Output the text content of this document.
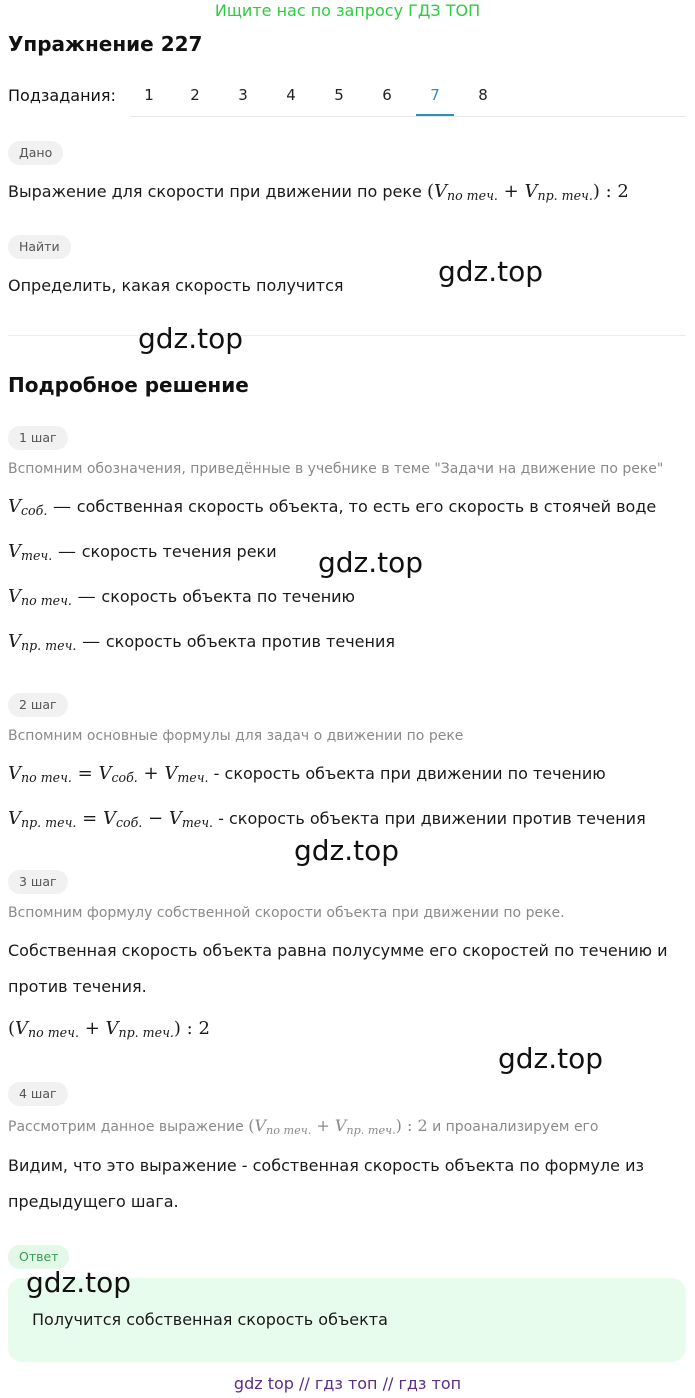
Ищите нас по запросу ГДЗ ТОП
Упражнение 227
Подзадания:	1	2	3	4	5	6	7	8
Дано
Выражение для скорости при движении по реке $(V_{по теч.} + V_{пр. теч.})$ : 2
Найти
Определить, какая скорость получится
Подробное решение
1 шаг
Вспомним обозначения, приведённые в учебнике в теме "Задачи на движение по реке"
$V_{соб.}$ — собственная скорость объекта, то есть его скорость в стоячей воде
$V_{теч.}$ — скорость течения реки
$V_{по теч.}$ — скорость объекта по течению
$V_{пр. теч.}$ — скорость объекта против течения
2 шаг
Вспомним основные формулы для задач о движении по реке
$V_{по теч.} = V_{соб.} + V_{теч.}$ - скорость объекта при движении по течению
$V_{пр. теч.} = V_{соб.} - V_{теч.}$ - скорость объекта при движении против течения
3 шаг
Вспомним формулу собственной скорости объекта при движении по реке.
Собственная скорость объекта равна полусумме его скоростей по течению и
против течения.
$(V_{по теч.} + V_{пр. теч.})$ : 2
4 шаг
Рассмотрим данное выражение $(V_{по теч.} + V_{пр. теч.})$ : 2 и проанализируем его
Видим, что это выражение - собственная скорость объекта по формуле из
предыдущего шага.
Ответ
Получится собственная скорость объекта
gdz.top
gdz.top
gdz.top
gdz.top
gdz.top
gdz.top
gdz top // гдз топ // гдз топ
